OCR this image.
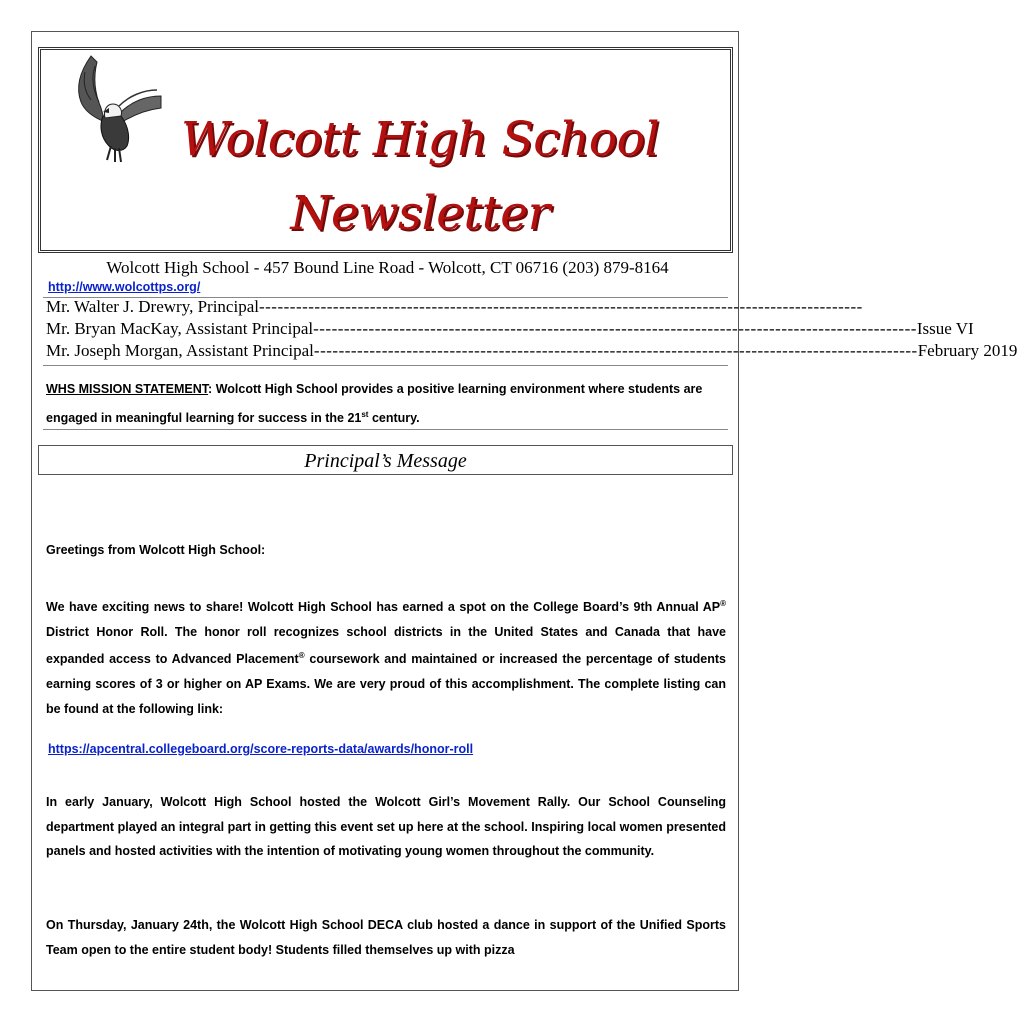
Wolcott High School
Newsletter
Wolcott High School - 457 Bound Line Road - Wolcott, CT 06716 (203) 879-8164
http://www.wolcottps.org/
Mr. Walter J. Drewry, Principal --------------------------------------------------------------------------------------------------
Mr. Bryan MacKay, Assistant Principal -------------------------------------------------------------------------------------------------- Issue VI
Mr. Joseph Morgan, Assistant Principal -------------------------------------------------------------------------------------------------- February 2019
WHS MISSION STATEMENT: Wolcott High School provides a positive learning environment where students are engaged in meaningful learning for success in the 21st century.
Principal’s Message
Greetings from Wolcott High School:
We have exciting news to share! Wolcott High School has earned a spot on the College Board’s 9th Annual AP® District Honor Roll. The honor roll recognizes school districts in the United States and Canada that have expanded access to Advanced Placement® coursework and maintained or increased the percentage of students earning scores of 3 or higher on AP Exams. We are very proud of this accomplishment. The complete listing can be found at the following link:
https://apcentral.collegeboard.org/score-reports-data/awards/honor-roll
In early January, Wolcott High School hosted the Wolcott Girl’s Movement Rally. Our School Counseling department played an integral part in getting this event set up here at the school. Inspiring local women presented panels and hosted activities with the intention of motivating young women throughout the community.
On Thursday, January 24th, the Wolcott High School DECA club hosted a dance in support of the Unified Sports Team open to the entire student body! Students filled themselves up with pizza
